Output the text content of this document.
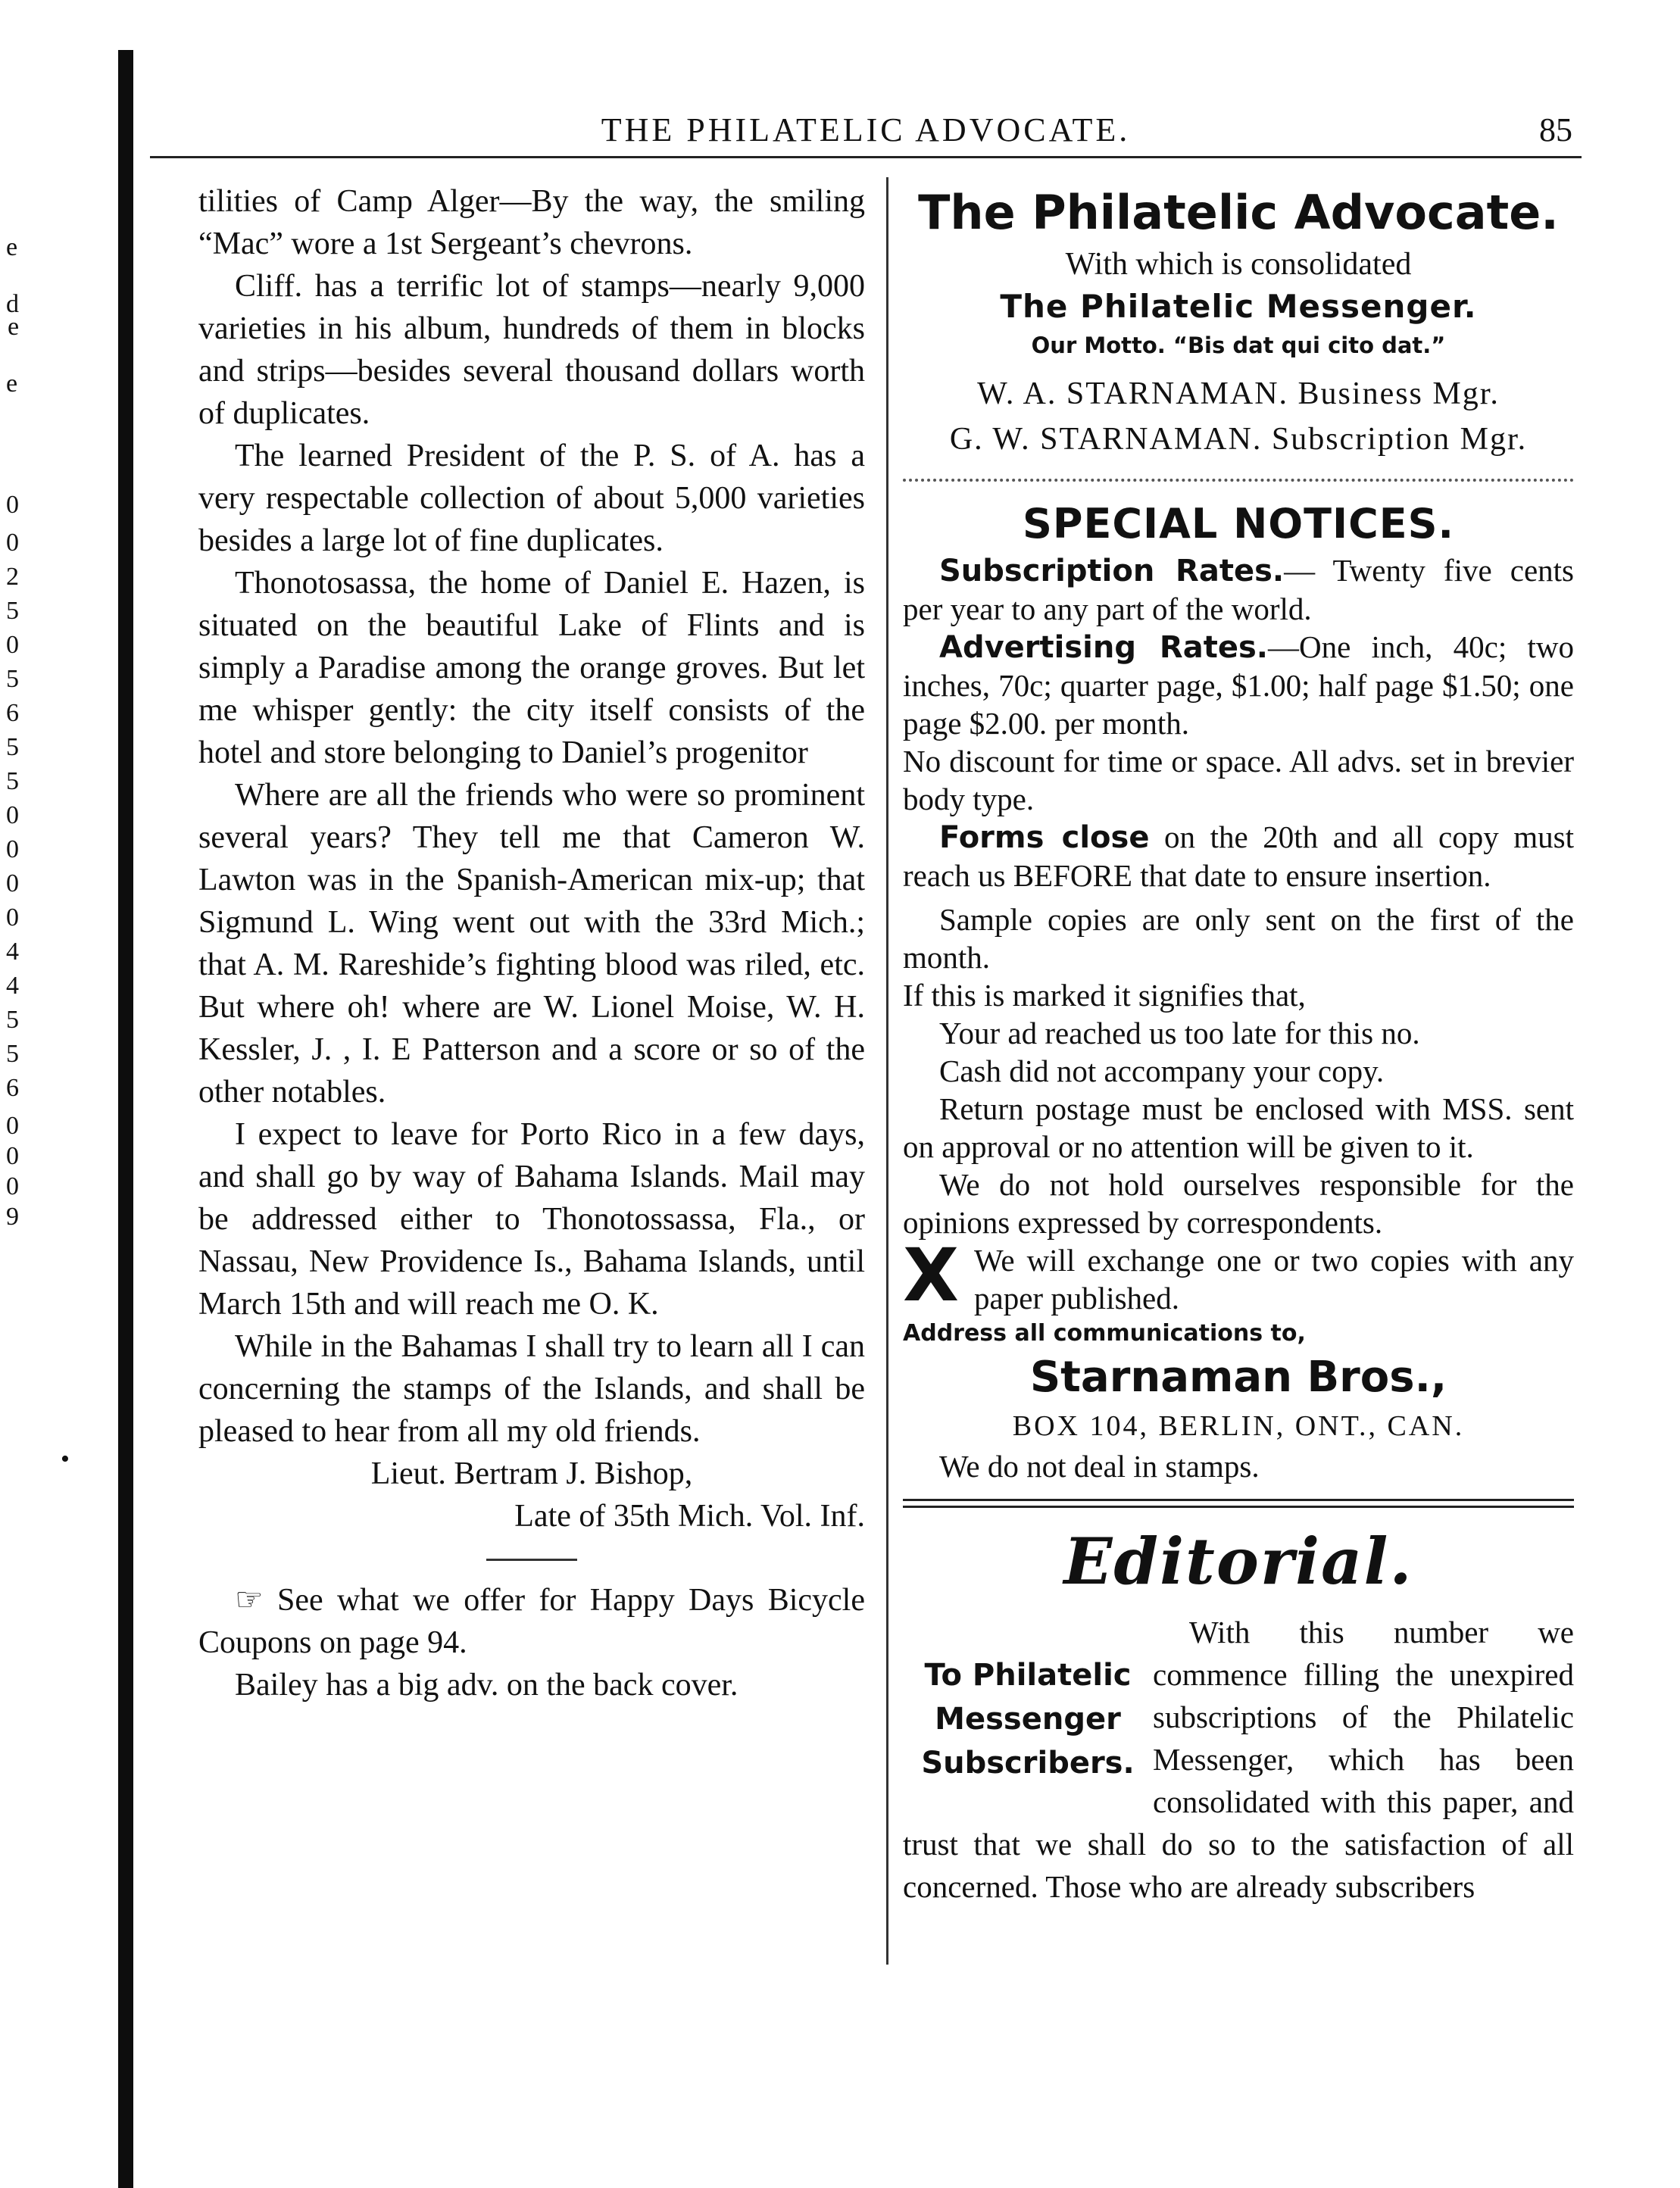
e
d
e
e
0
0
2
5
0
5
6
5
5
0
0
0
0
4
4
5
5
6
0
0
0
9
•
THE PHILATELIC ADVOCATE.	85

tilities of Camp Alger—By the way, the smiling “Mac” wore a 1st Sergeant’s chevrons.

Cliff. has a terrific lot of stamps—nearly 9,000 varieties in his album, hundreds of them in blocks and strips—besides several thousand dollars worth of duplicates.

The learned President of the P. S. of A. has a very respectable collection of about 5,000 varieties besides a large lot of fine duplicates.

Thonotosassa, the home of Daniel E. Hazen, is situated on the beautiful Lake of Flints and is simply a Paradise among the orange groves. But let me whisper gently: the city itself consists of the hotel and store belonging to Daniel’s progenitor

Where are all the friends who were so prominent several years? They tell me that Cameron W. Lawton was in the Spanish-American mix-up; that Sigmund L. Wing went out with the 33rd Mich.; that A. M. Rareshide’s fighting blood was riled, etc. But where oh! where are W. Lionel Moise, W. H. Kessler, J. , I. E Patterson and a score or so of the other notables.

I expect to leave for Porto Rico in a few days, and shall go by way of Bahama Islands. Mail may be addressed either to Thonotossassa, Fla., or Nassau, New Providence Is., Bahama Islands, until March 15th and will reach me O. K.

While in the Bahamas I shall try to learn all I can concerning the stamps of the Islands, and shall be pleased to hear from all my old friends.

Lieut. Bertram J. Bishop,

Late of 35th Mich. Vol. Inf.

☞ See what we offer for Happy Days Bicycle Coupons on page 94.

Bailey has a big adv. on the back cover.

The Philatelic Advocate.

With which is consolidated

The Philatelic Messenger.

Our Motto. “Bis dat qui cito dat.”

W. A. STARNAMAN. Business Mgr.

G. W. STARNAMAN. Subscription Mgr.

SPECIAL NOTICES.

Subscription Rates.— Twenty five cents per year to any part of the world.

Advertising Rates.—One inch, 40c; two inches, 70c; quarter page, $1.00; half page $1.50; one page $2.00. per month.

No discount for time or space. All advs. set in brevier body type.

Forms close on the 20th and all copy must reach us BEFORE that date to ensure insertion.

Sample copies are only sent on the first of the month.

If this is marked it signifies that,

Your ad reached us too late for this no.

Cash did not accompany your copy.

Return postage must be enclosed with MSS. sent on approval or no attention will be given to it.

We do not hold ourselves responsible for the opinions expressed by correspondents.

X We will exchange one or two copies with any paper published.

Address all communications to,

Starnaman Bros.,
BOX 104, BERLIN, ONT., CAN.

We do not deal in stamps.

Editorial.
To Philatelic
Messenger
Subscribers.

With this number we commence filling the unexpired subscriptions of the Philatelic Messenger, which has been consolidated with this paper, and trust that we shall do so to the satisfaction of all concerned. Those who are already subscribers
